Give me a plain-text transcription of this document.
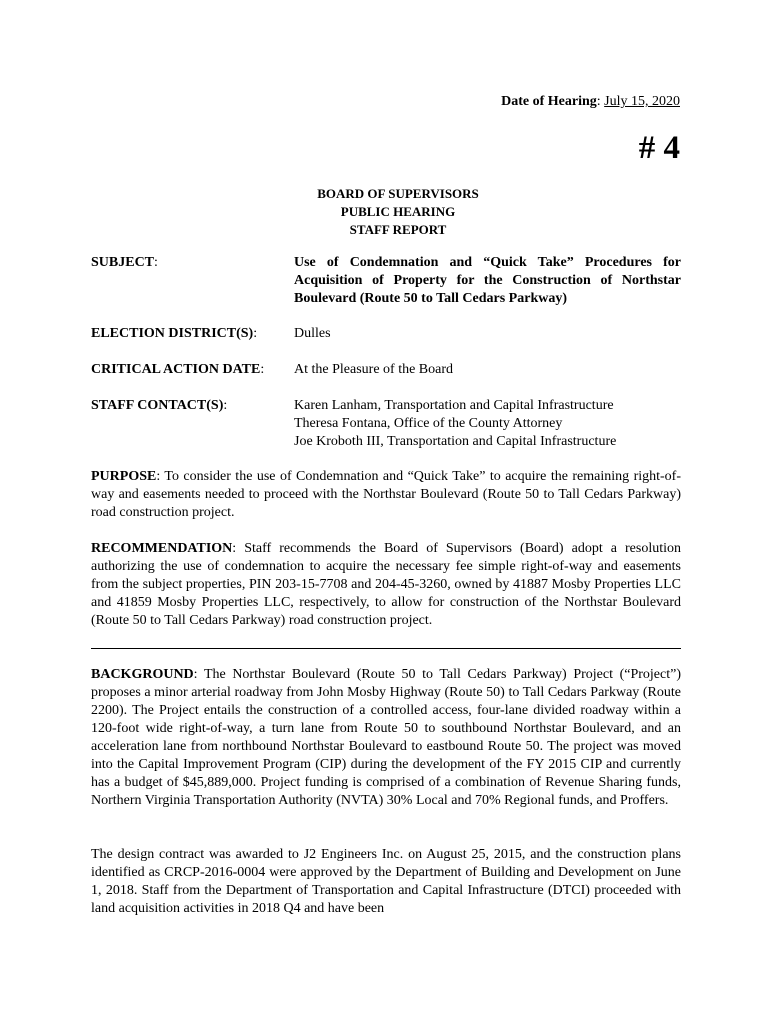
Date of Hearing: July 15, 2020
# 4
BOARD OF SUPERVISORS
PUBLIC HEARING
STAFF REPORT
SUBJECT:	Use of Condemnation and “Quick Take” Procedures for Acquisition of Property for the Construction of Northstar Boulevard (Route 50 to Tall Cedars Parkway)
ELECTION DISTRICT(S):	Dulles
CRITICAL ACTION DATE: At the Pleasure of the Board
STAFF CONTACT(S):	Karen Lanham, Transportation and Capital Infrastructure
Theresa Fontana, Office of the County Attorney
Joe Kroboth III, Transportation and Capital Infrastructure
PURPOSE: To consider the use of Condemnation and “Quick Take” to acquire the remaining right-of-way and easements needed to proceed with the Northstar Boulevard (Route 50 to Tall Cedars Parkway) road construction project.
RECOMMENDATION: Staff recommends the Board of Supervisors (Board) adopt a resolution authorizing the use of condemnation to acquire the necessary fee simple right-of-way and easements from the subject properties, PIN 203-15-7708 and 204-45-3260, owned by 41887 Mosby Properties LLC and 41859 Mosby Properties LLC, respectively, to allow for construction of the Northstar Boulevard (Route 50 to Tall Cedars Parkway) road construction project.
BACKGROUND: The Northstar Boulevard (Route 50 to Tall Cedars Parkway) Project (“Project”) proposes a minor arterial roadway from John Mosby Highway (Route 50) to Tall Cedars Parkway (Route 2200). The Project entails the construction of a controlled access, four-lane divided roadway within a 120-foot wide right-of-way, a turn lane from Route 50 to southbound Northstar Boulevard, and an acceleration lane from northbound Northstar Boulevard to eastbound Route 50. The project was moved into the Capital Improvement Program (CIP) during the development of the FY 2015 CIP and currently has a budget of $45,889,000. Project funding is comprised of a combination of Revenue Sharing funds, Northern Virginia Transportation Authority (NVTA) 30% Local and 70% Regional funds, and Proffers.
The design contract was awarded to J2 Engineers Inc. on August 25, 2015, and the construction plans identified as CRCP-2016-0004 were approved by the Department of Building and Development on June 1, 2018. Staff from the Department of Transportation and Capital Infrastructure (DTCI) proceeded with land acquisition activities in 2018 Q4 and have been
